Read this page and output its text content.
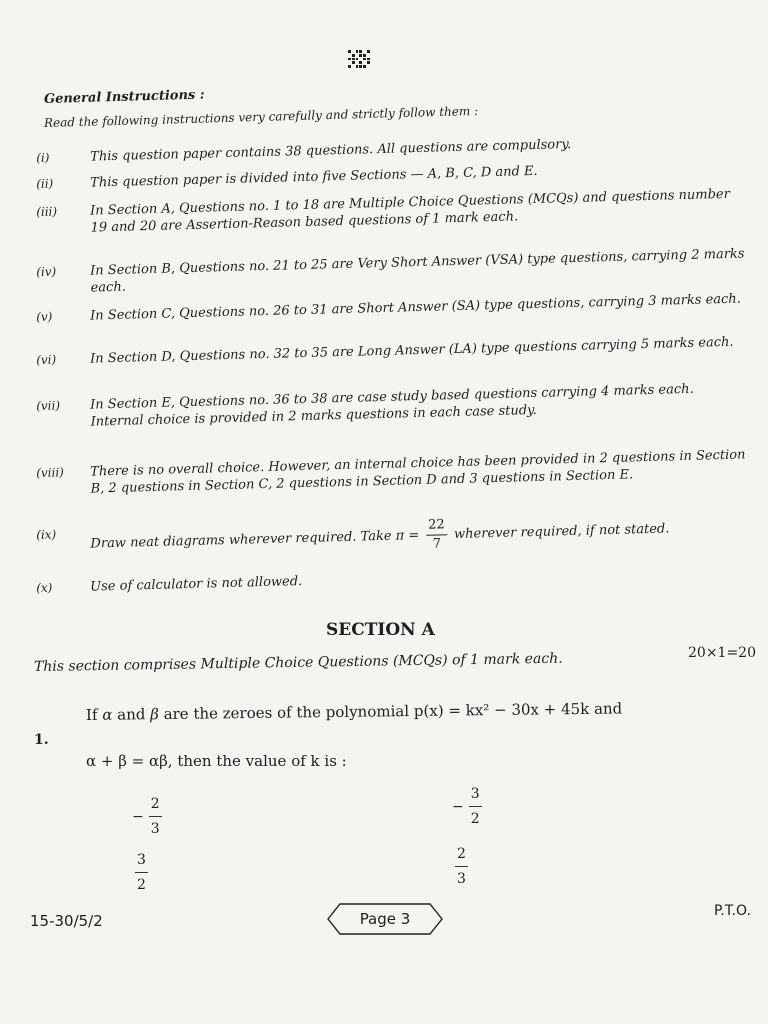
General Instructions :
Read the following instructions very carefully and strictly follow them :
(i)	This question paper contains 38 questions. All questions are compulsory.
(ii)	This question paper is divided into five Sections — A, B, C, D and E.
(iii)	In Section A, Questions no. 1 to 18 are Multiple Choice Questions (MCQs) and questions number 19 and 20 are Assertion-Reason based questions of 1 mark each.
(iv)	In Section B, Questions no. 21 to 25 are Very Short Answer (VSA) type questions, carrying 2 marks each.
(v)	In Section C, Questions no. 26 to 31 are Short Answer (SA) type questions, carrying 3 marks each.
(vi)	In Section D, Questions no. 32 to 35 are Long Answer (LA) type questions carrying 5 marks each.
(vii)	In Section E, Questions no. 36 to 38 are case study based questions carrying 4 marks each. Internal choice is provided in 2 marks questions in each case study.
(viii)	There is no overall choice. However, an internal choice has been provided in 2 questions in Section B, 2 questions in Section C, 2 questions in Section D and 3 questions in Section E.
(ix)	Draw neat diagrams wherever required. Take $\pi = \frac{22}{7}$ wherever required, if not stated.
(x)	Use of calculator is not allowed.
SECTION A
This section comprises Multiple Choice Questions (MCQs) of 1 mark each.	20×1=20
1.
If α and β are the zeroes of the polynomial p(x) = kx² − 30x + 45k and
α + β = αβ, then the value of k is :
− $\frac{2}{3}$	− $\frac{3}{2}$
$\frac{3}{2}$	$\frac{2}{3}$
15-30/5/2	Page 3	P.T.O.
